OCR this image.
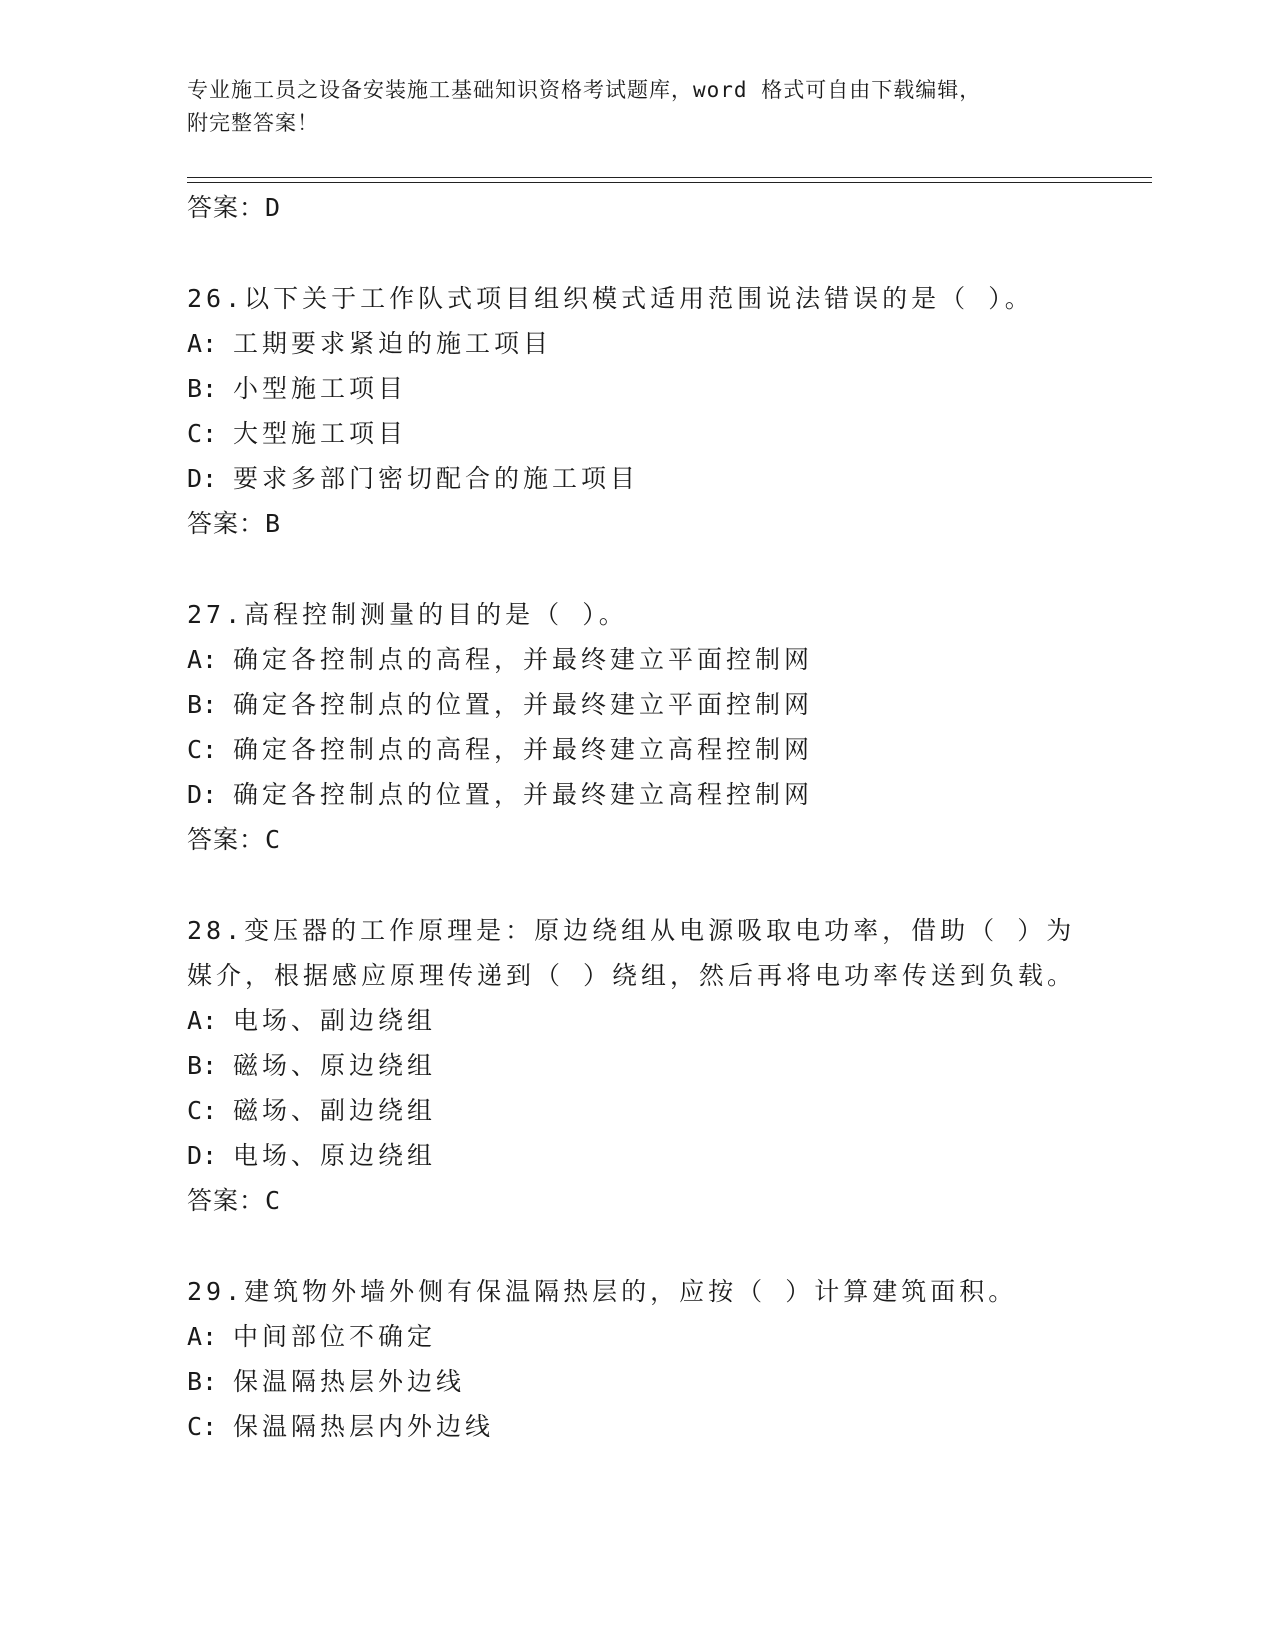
专业施工员之设备安装施工基础知识资格考试题库，word 格式可自由下载编辑，
附完整答案！
答案：D
26.以下关于工作队式项目组织模式适用范围说法错误的是（ ）。
A: 工期要求紧迫的施工项目
B: 小型施工项目
C: 大型施工项目
D: 要求多部门密切配合的施工项目
答案：B
27.高程控制测量的目的是（ ）。
A: 确定各控制点的高程，并最终建立平面控制网
B: 确定各控制点的位置，并最终建立平面控制网
C: 确定各控制点的高程，并最终建立高程控制网
D: 确定各控制点的位置，并最终建立高程控制网
答案：C
28.变压器的工作原理是：原边绕组从电源吸取电功率，借助（ ）为媒介，根据感应原理传递到（ ）绕组，然后再将电功率传送到负载。
A: 电场、副边绕组
B: 磁场、原边绕组
C: 磁场、副边绕组
D: 电场、原边绕组
答案：C
29.建筑物外墙外侧有保温隔热层的，应按（ ）计算建筑面积。
A: 中间部位不确定
B: 保温隔热层外边线
C: 保温隔热层内外边线
